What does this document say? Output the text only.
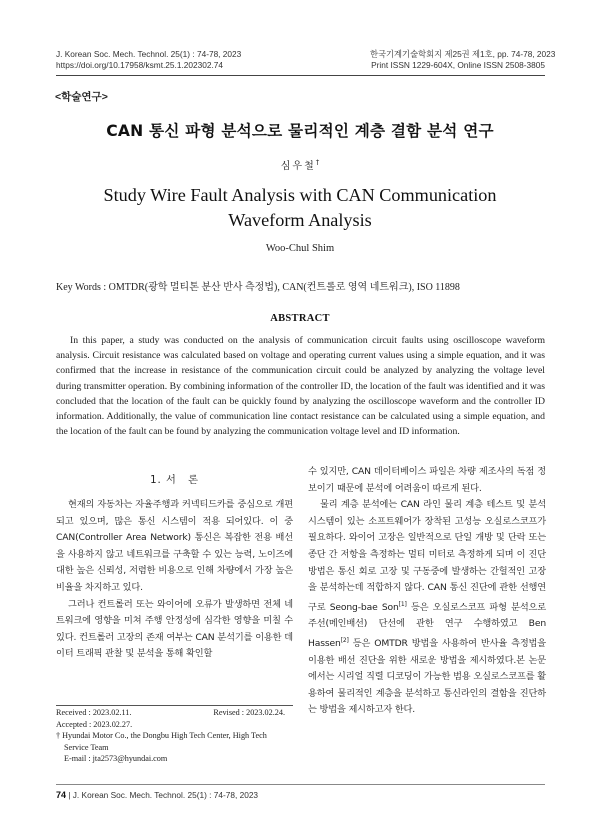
J. Korean Soc. Mech. Technol. 25(1) : 74-78, 2023
https://doi.org/10.17958/ksmt.25.1.202302.74
한국기계기술학회지 제25권 제1호, pp. 74-78, 2023
Print ISSN 1229-604X, Online ISSN 2508-3805
<학술연구>
CAN 통신 파형 분석으로 물리적인 계층 결함 분석 연구
심우철†
Study Wire Fault Analysis with CAN Communication
Waveform Analysis
Woo-Chul Shim
Key Words : OMTDR(광학 멀티톤 분산 반사 측정법), CAN(컨트롤로 영역 네트워크), ISO 11898
ABSTRACT
In this paper, a study was conducted on the analysis of communication circuit faults using oscilloscope waveform analysis. Circuit resistance was calculated based on voltage and operating current values using a simple equation, and it was confirmed that the increase in resistance of the communication circuit could be analyzed by analyzing the voltage level during transmitter operation. By combining information of the controller ID, the location of the fault was identified and it was concluded that the location of the fault can be quickly found by analyzing the oscilloscope waveform and the controller ID information. Additionally, the value of communication line contact resistance can be calculated using a simple equation, and the location of the fault can be found by analyzing the communication voltage level and ID information.
1. 서　론

현재의 자동차는 자율주행과 커넥티드카를 중심으로 개편되고 있으며, 많은 통신 시스템이 적용 되어있다. 이 중 CAN(Controller Area Network) 통신은 복잡한 전용 배선을 사용하지 않고 네트워크를 구축할 수 있는 능력, 노이즈에 대한 높은 신뢰성, 저렴한 비용으로 인해 차량에서 가장 높은 비율을 차지하고 있다.

그러나 컨트롤러 또는 와이어에 오류가 발생하면 전체 네트워크에 영향을 미쳐 주행 안정성에 심각한 영향을 미칠 수 있다. 컨트롤러 고장의 존재 여부는 CAN 분석기를 이용한 데이터 트래픽 관찰 및 분석을 통해 확인할

수 있지만, CAN 데이터베이스 파일은 차량 제조사의 독점 정보이기 때문에 분석에 어려움이 따르게 된다.

물리 계층 분석에는 CAN 라인 물리 계층 테스트 및 분석 시스템이 있는 소프트웨어가 장착된 고성능 오실로스코프가 필요하다. 와이어 고장은 일반적으로 단일 개방 및 단락 또는 종단 간 저항을 측정하는 멀티 미터로 측정하게 되며 이 진단 방법은 통신 회로 고장 및 구동중에 발생하는 간헐적인 고장을 분석하는데 적합하지 않다. CAN 통신 진단에 관한 선행연구로 Seong-bae Son[1] 등은 오실로스코프 파형 분석으로 주선(메인배선) 단선에 관한 연구 수행하였고 Ben Hassen[2] 등은 OMTDR 방법을 사용하여 반사율 측정법을 이용한 배선 진단을 위한 새로운 방법을 제시하였다.본 논문에서는 시리얼 직렬 디코딩이 가능한 범용 오실로스코프를 활용하여 물리적인 계층을 분석하고 통신라인의 결함을 진단하는 방법을 제시하고자 한다.

Received : 2023.02.11.	Revised : 2023.02.24.
Accepted : 2023.02.27.
† Hyundai Motor Co., the Dongbu High Tech Center, High Tech Service Team
E-mail : jta2573@hyundai.com
74 | J. Korean Soc. Mech. Technol. 25(1) : 74-78, 2023
